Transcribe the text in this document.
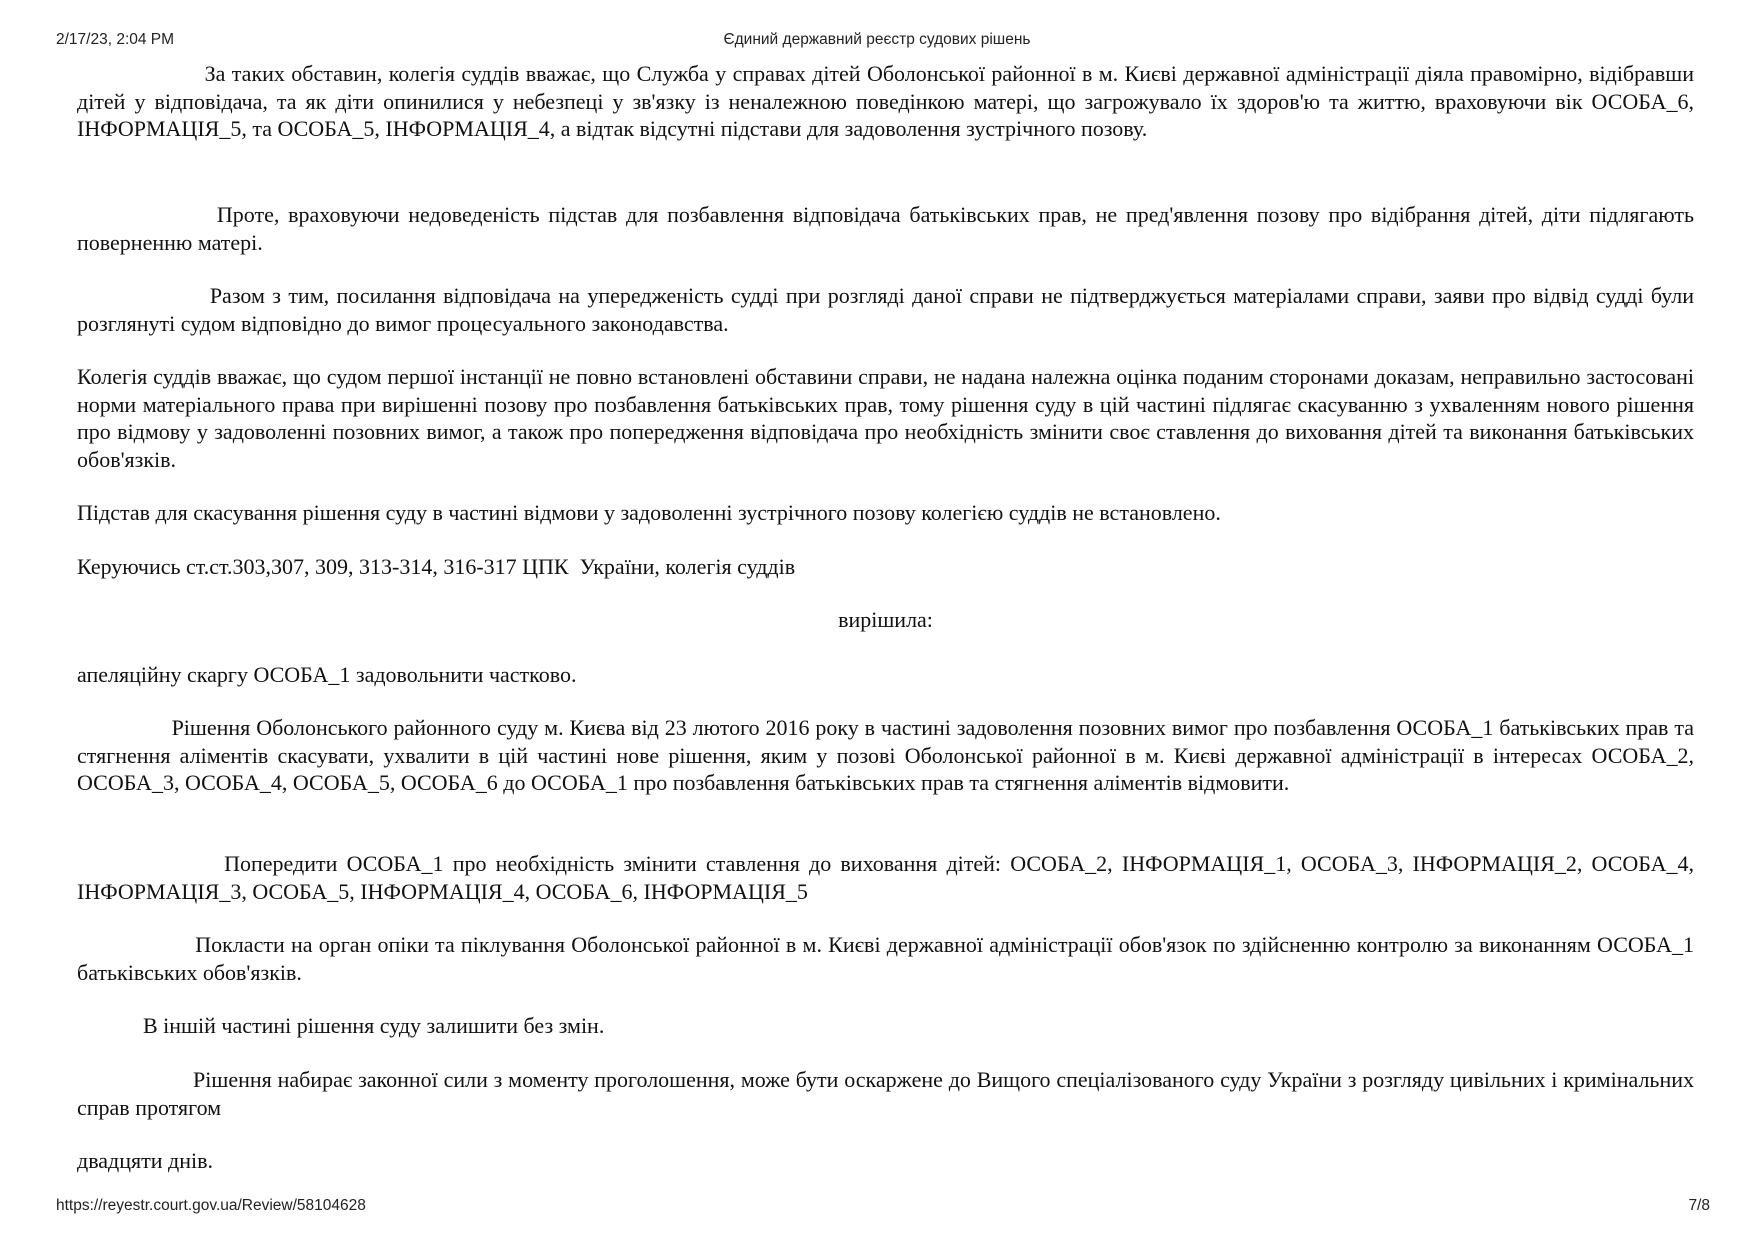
2/17/23, 2:04 PM	Єдиний державний реєстр судових рішень

За таких обставин, колегія суддів вважає, що Служба у справах дітей Оболонської районної в м. Києві державної адміністрації діяла правомірно, відібравши дітей у відповідача, та як діти опинилися у небезпеці у зв'язку із неналежною поведінкою матері, що загрожувало їх здоров'ю та життю, враховуючи вік ОСОБА_6, ІНФОРМАЦІЯ_5, та ОСОБА_5, ІНФОРМАЦІЯ_4, а відтак відсутні підстави для задоволення зустрічного позову.

Проте, враховуючи недоведеність підстав для позбавлення відповідача батьківських прав, не пред'явлення позову про відібрання дітей, діти підлягають поверненню матері.

Разом з тим, посилання відповідача на упередженість судді при розгляді даної справи не підтверджується матеріалами справи, заяви про відвід судді були розглянуті судом відповідно до вимог процесуального законодавства.

Колегія суддів вважає, що судом першої інстанції не повно встановлені обставини справи, не надана належна оцінка поданим сторонами доказам, неправильно застосовані норми матеріального права при вирішенні позову про позбавлення батьківських прав, тому рішення суду в цій частині підлягає скасуванню з ухваленням нового рішення про відмову у задоволенні позовних вимог, а також про попередження відповідача про необхідність змінити своє ставлення до виховання дітей та виконання батьківських обов'язків.

Підстав для скасування рішення суду в частині відмови у задоволенні зустрічного позову колегією суддів не встановлено.

Керуючись ст.ст.303,307, 309, 313-314, 316-317 ЦПК  України, колегія суддів

вирішила:

апеляційну скаргу ОСОБА_1 задовольнити частково.

Рішення Оболонського районного суду м. Києва від 23 лютого 2016 року в частині задоволення позовних вимог про позбавлення ОСОБА_1 батьківських прав та стягнення аліментів скасувати, ухвалити в цій частині нове рішення, яким у позові Оболонської районної в м. Києві державної адміністрації в інтересах ОСОБА_2, ОСОБА_3, ОСОБА_4, ОСОБА_5, ОСОБА_6 до ОСОБА_1 про позбавлення батьківських прав та стягнення аліментів відмовити.

Попередити ОСОБА_1 про необхідність змінити ставлення до виховання дітей: ОСОБА_2, ІНФОРМАЦІЯ_1, ОСОБА_3, ІНФОРМАЦІЯ_2, ОСОБА_4, ІНФОРМАЦІЯ_3, ОСОБА_5, ІНФОРМАЦІЯ_4, ОСОБА_6, ІНФОРМАЦІЯ_5

Покласти на орган опіки та піклування Оболонської районної в м. Києві державної адміністрації обов'язок по здійсненню контролю за виконанням ОСОБА_1 батьківських обов'язків.

В іншій частині рішення суду залишити без змін.

Рішення набирає законної сили з моменту проголошення, може бути оскаржене до Вищого спеціалізованого суду України з розгляду цивільних і кримінальних справ протягом

двадцяти днів.

https://reyestr.court.gov.ua/Review/58104628	7/8
